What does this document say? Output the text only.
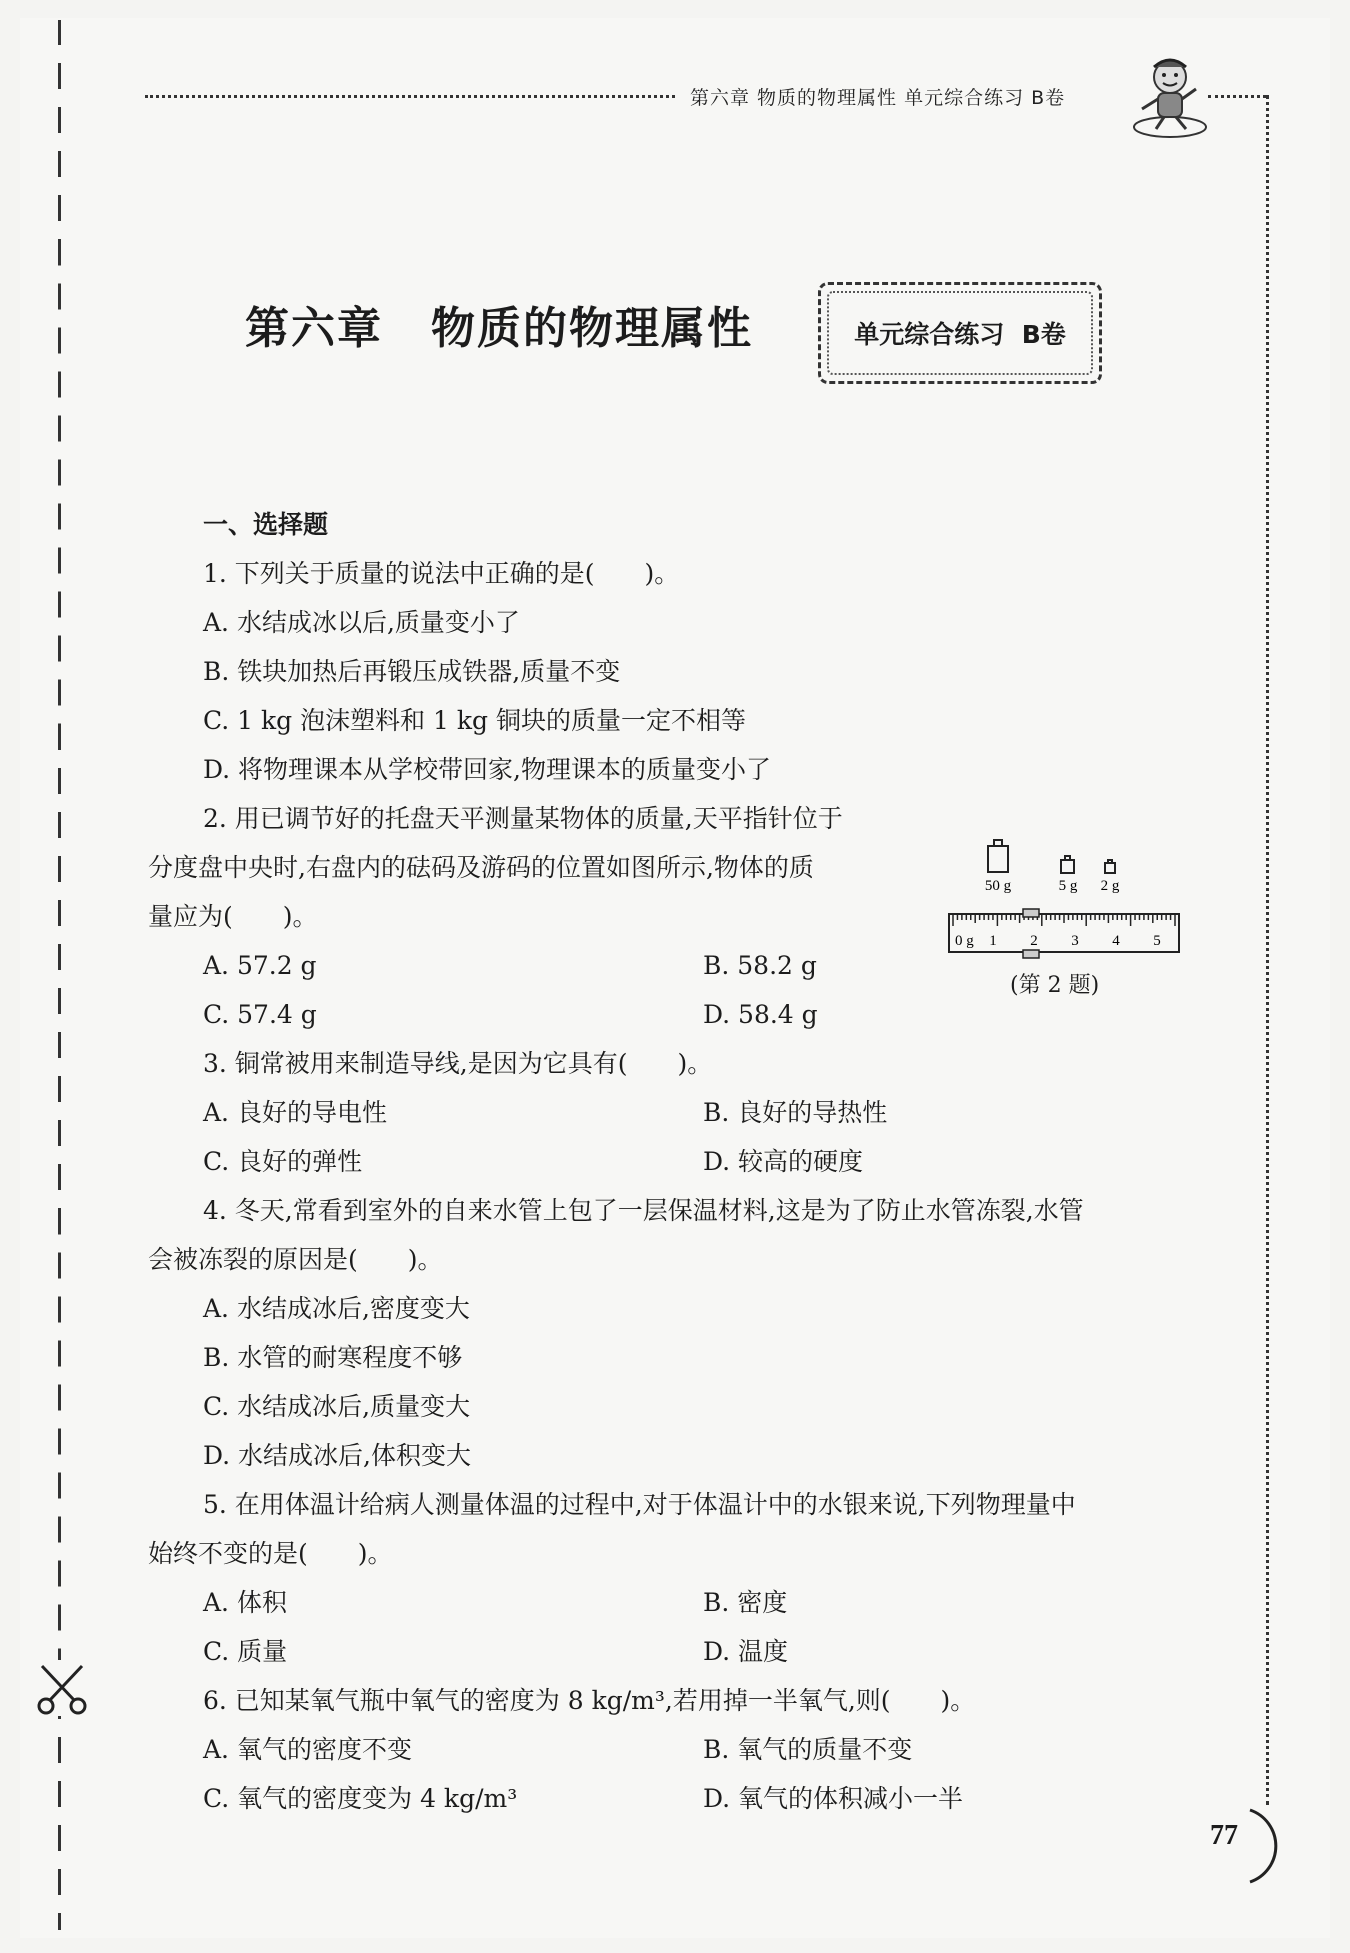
第六章 物质的物理属性 单元综合练习 B卷
第六章 物质的物理属性	单元综合练习
B卷
一、选择题

1. 下列关于质量的说法中正确的是(　　)。

A. 水结成冰以后,质量变小了
B. 铁块加热后再锻压成铁器,质量不变
C. 1 kg 泡沫塑料和 1 kg 铜块的质量一定不相等
D. 将物理课本从学校带回家,物理课本的质量变小了

2. 用已调节好的托盘天平测量某物体的质量,天平指针位于

分度盘中央时,右盘内的砝码及游码的位置如图所示,物体的质

量应为(　　)。

A. 57.2 g	B. 58.2 g
C. 57.4 g	D. 58.4 g

3. 铜常被用来制造导线,是因为它具有(　　)。

A. 良好的导电性	B. 良好的导热性
C. 良好的弹性	D. 较高的硬度

4. 冬天,常看到室外的自来水管上包了一层保温材料,这是为了防止水管冻裂,水管

会被冻裂的原因是(　　)。

A. 水结成冰后,密度变大
B. 水管的耐寒程度不够
C. 水结成冰后,质量变大
D. 水结成冰后,体积变大

5. 在用体温计给病人测量体温的过程中,对于体温计中的水银来说,下列物理量中

始终不变的是(　　)。

A. 体积	B. 密度
C. 质量	D. 温度

6. 已知某氧气瓶中氧气的密度为 8 kg/m³,若用掉一半氧气,则(　　)。

A. 氧气的密度不变	B. 氧气的质量不变
C. 氧气的密度变为 4 kg/m³	D. 氧气的体积减小一半
50 g	5 g 2 g
0 g 1 2 3 4 5
(第 2 题)
77
